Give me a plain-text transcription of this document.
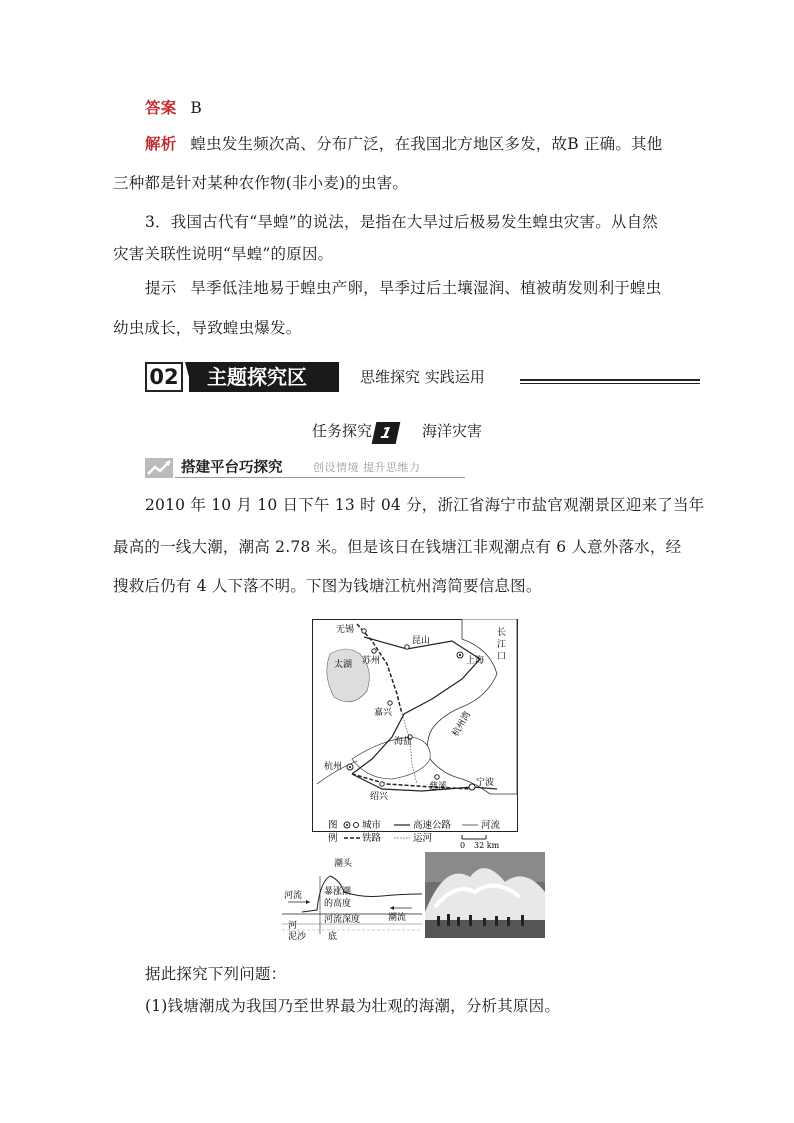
答案 B
解析 蝗虫发生频次高、分布广泛，在我国北方地区多发，故B 正确。其他
三种都是针对某种农作物(非小麦)的虫害。
3．我国古代有“旱蝗”的说法，是指在大旱过后极易发生蝗虫灾害。从自然
灾害关联性说明“旱蝗”的原因。
提示 旱季低洼地易于蝗虫产卵，旱季过后土壤湿润、植被萌发则利于蝗虫
幼虫成长，导致蝗虫爆发。
02	主题探究区	思维探究 实践运用
任务探究 1 海洋灾害
搭建平台巧探究	创设情境 提升思维力
2010 年 10 月 10 日下午 13 时 04 分，浙江省海宁市盐官观潮景区迎来了当年
最高的一线大潮，潮高 2.78 米。但是该日在钱塘江非观潮点有 6 人意外落水，经
搜救后仍有 4 人下落不明。下图为钱塘江杭州湾简要信息图。
无锡
昆山
长
江
口
太湖 苏州	上海
嘉兴	杭州湾
海盐
杭州
慈溪
绍兴
宁波
图
例
城市	高速公路	河流
铁路	运河
0 32 km
潮头
河流 暴涨潮
的高度
潮流
河流深度
河
泥沙 底
据此探究下列问题：
(1)钱塘潮成为我国乃至世界最为壮观的海潮，分析其原因。
